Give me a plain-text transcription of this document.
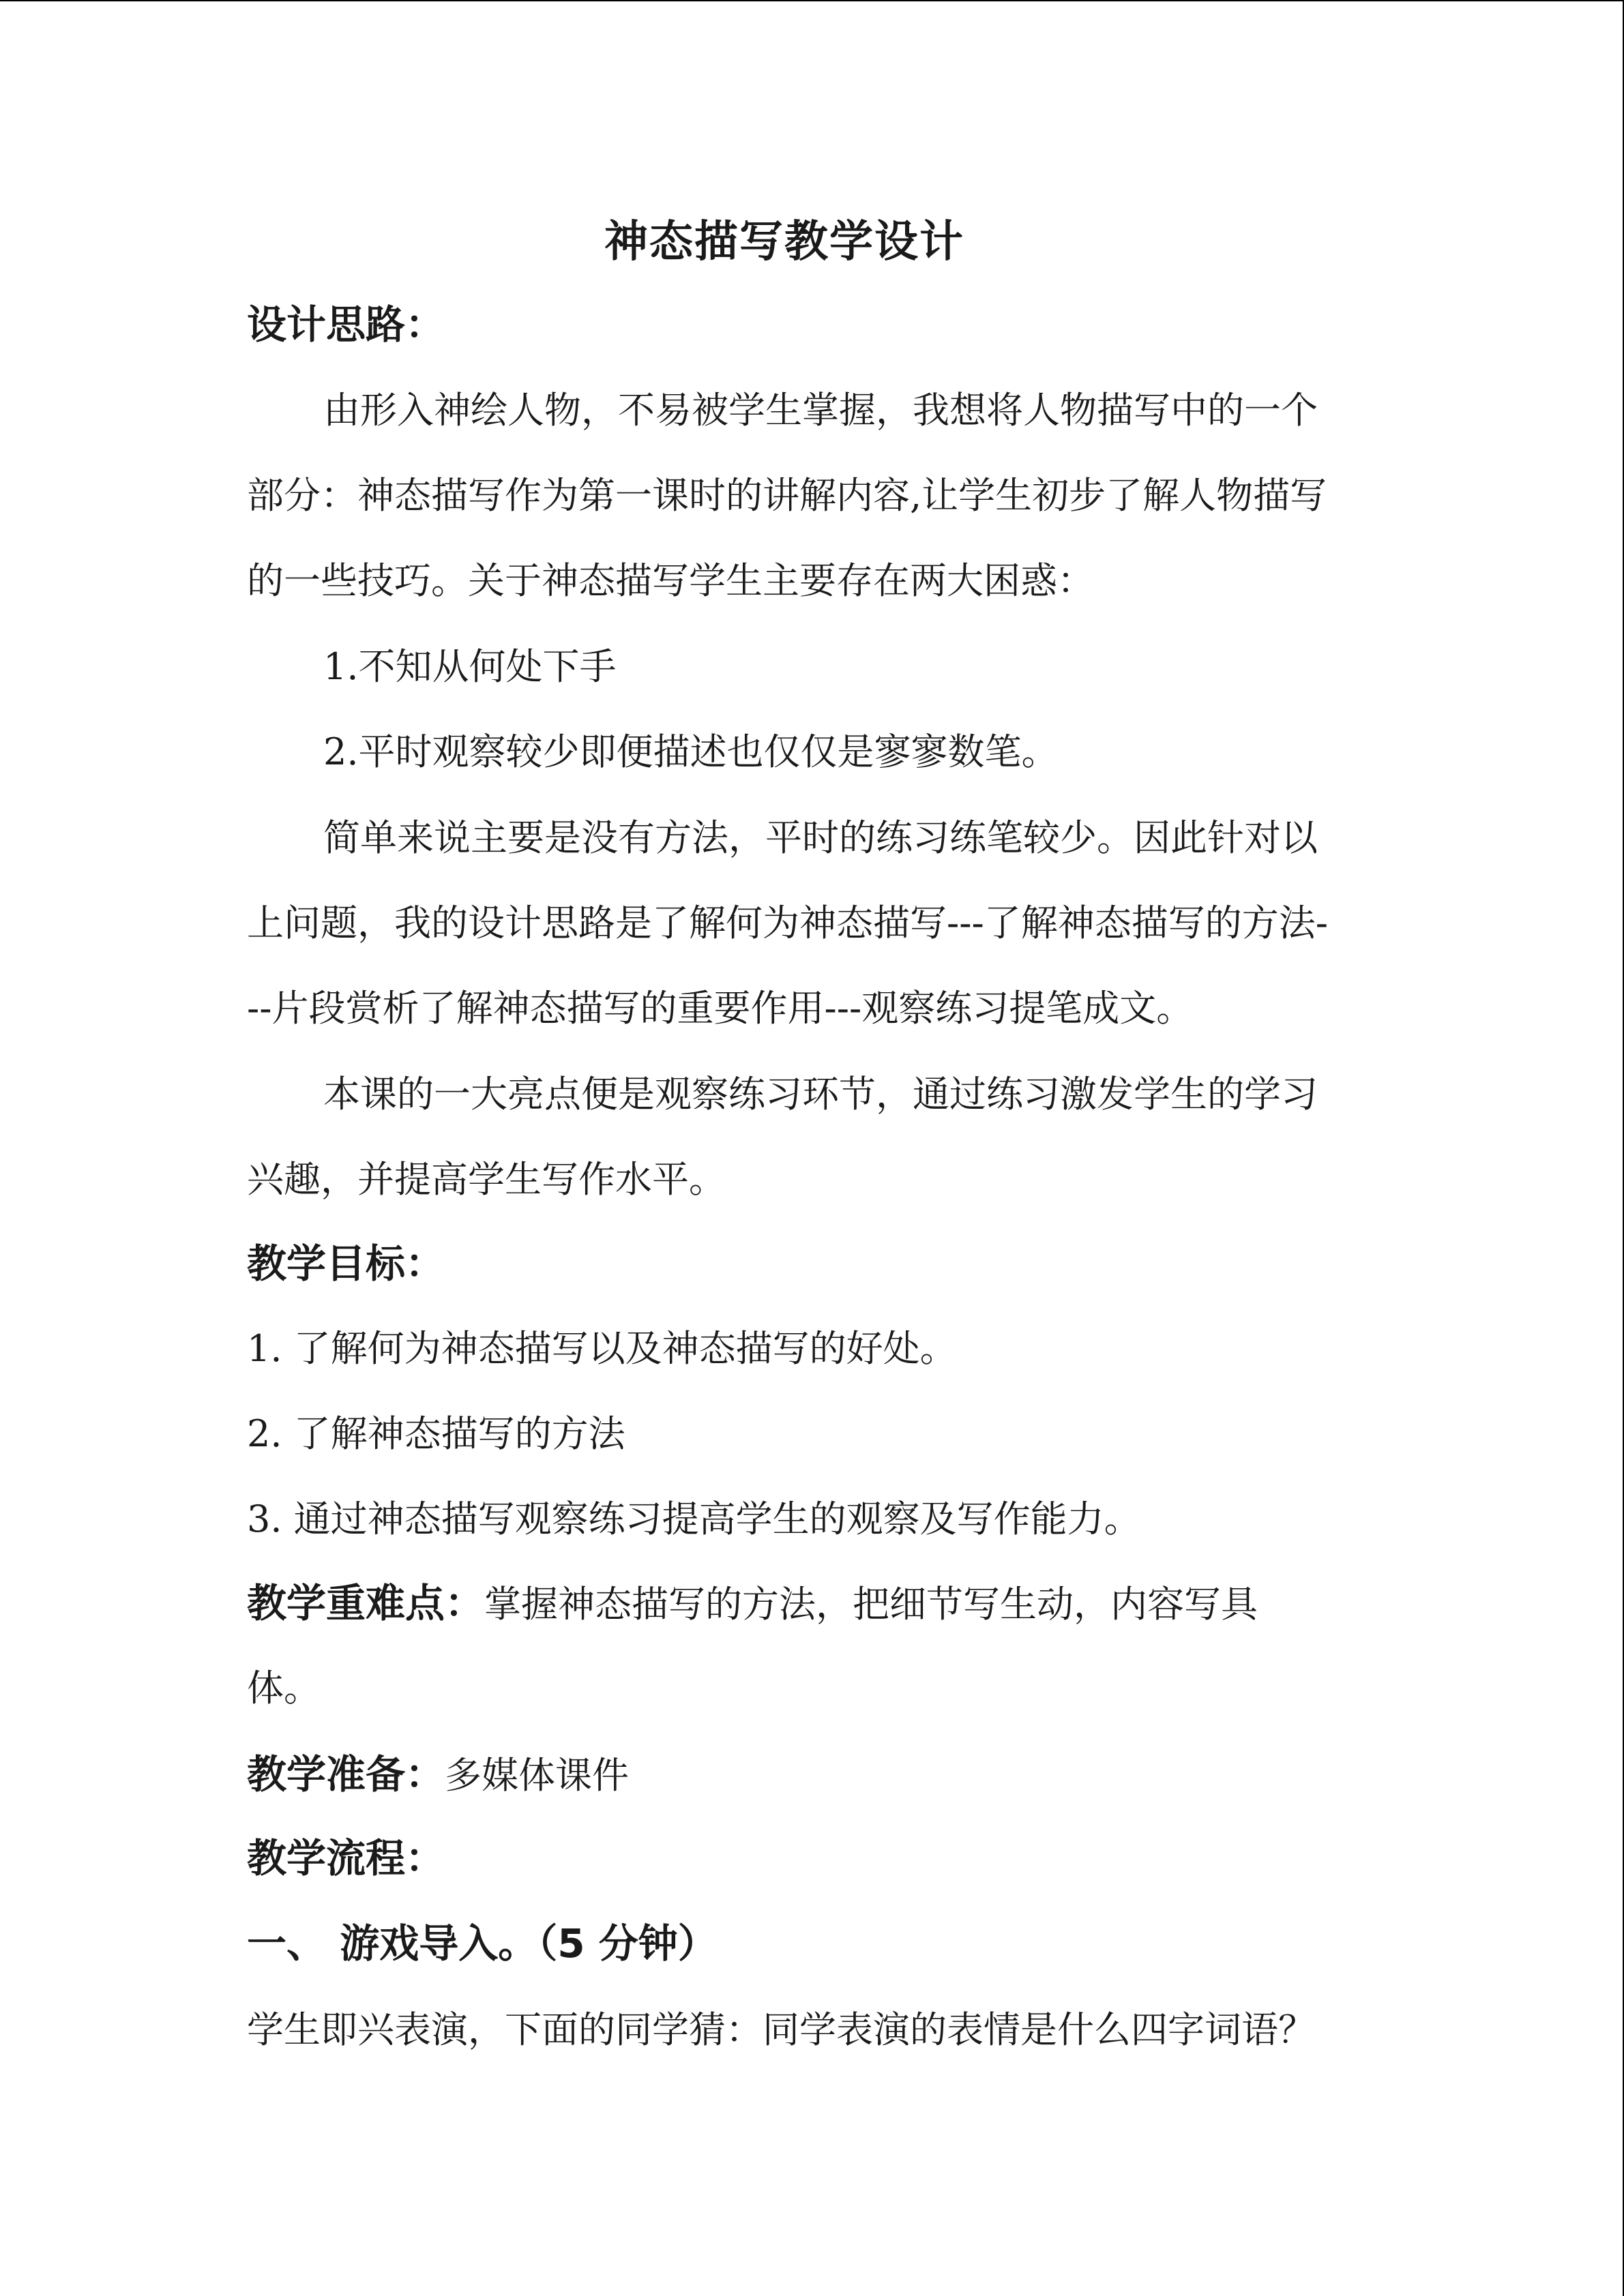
神态描写教学设计
设计思路：
由形入神绘人物，不易被学生掌握，我想将人物描写中的一个
部分：神态描写作为第一课时的讲解内容,让学生初步了解人物描写
的一些技巧。关于神态描写学生主要存在两大困惑：
1.不知从何处下手
2.平时观察较少即便描述也仅仅是寥寥数笔。
简单来说主要是没有方法，平时的练习练笔较少。因此针对以
上问题，我的设计思路是了解何为神态描写---了解神态描写的方法-
--片段赏析了解神态描写的重要作用---观察练习提笔成文。
本课的一大亮点便是观察练习环节，通过练习激发学生的学习
兴趣，并提高学生写作水平。
教学目标：
1. 了解何为神态描写以及神态描写的好处。
2. 了解神态描写的方法
3. 通过神态描写观察练习提高学生的观察及写作能力。
教学重难点：掌握神态描写的方法，把细节写生动，内容写具
体。
教学准备：多媒体课件
教学流程：
一、 游戏导入。（5 分钟）
学生即兴表演，下面的同学猜：同学表演的表情是什么四字词语？
